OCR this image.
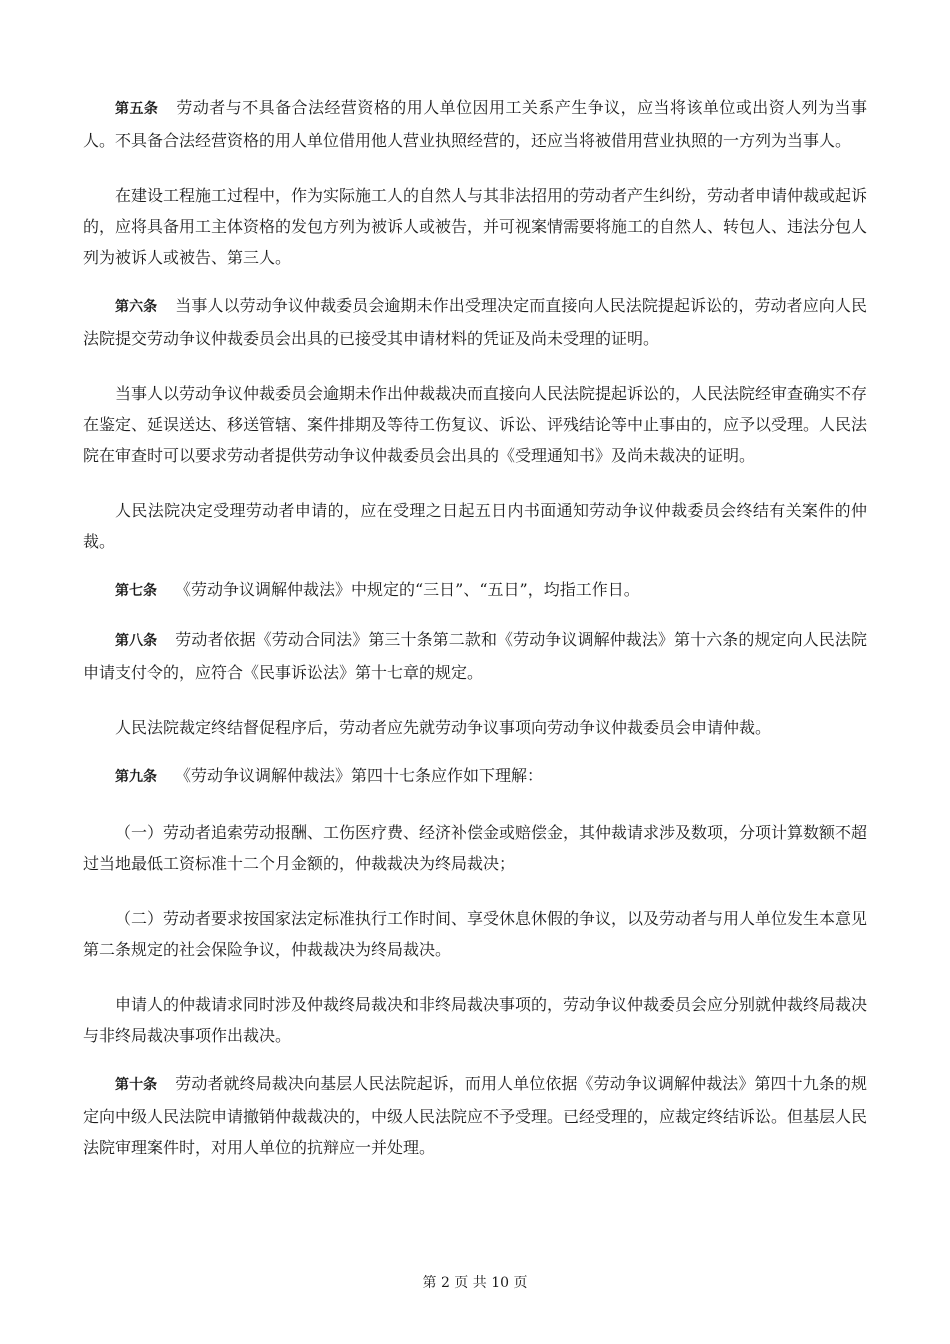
第五条 劳动者与不具备合法经营资格的用人单位因用工关系产生争议，应当将该单位或出资人列为当事人。不具备合法经营资格的用人单位借用他人营业执照经营的，还应当将被借用营业执照的一方列为当事人。

在建设工程施工过程中，作为实际施工人的自然人与其非法招用的劳动者产生纠纷，劳动者申请仲裁或起诉的，应将具备用工主体资格的发包方列为被诉人或被告，并可视案情需要将施工的自然人、转包人、违法分包人列为被诉人或被告、第三人。

第六条 当事人以劳动争议仲裁委员会逾期未作出受理决定而直接向人民法院提起诉讼的，劳动者应向人民法院提交劳动争议仲裁委员会出具的已接受其申请材料的凭证及尚未受理的证明。

当事人以劳动争议仲裁委员会逾期未作出仲裁裁决而直接向人民法院提起诉讼的，人民法院经审查确实不存在鉴定、延误送达、移送管辖、案件排期及等待工伤复议、诉讼、评残结论等中止事由的，应予以受理。人民法院在审查时可以要求劳动者提供劳动争议仲裁委员会出具的《受理通知书》及尚未裁决的证明。

人民法院决定受理劳动者申请的，应在受理之日起五日内书面通知劳动争议仲裁委员会终结有关案件的仲裁。

第七条 《劳动争议调解仲裁法》中规定的“三日”、“五日”，均指工作日。

第八条 劳动者依据《劳动合同法》第三十条第二款和《劳动争议调解仲裁法》第十六条的规定向人民法院申请支付令的，应符合《民事诉讼法》第十七章的规定。

人民法院裁定终结督促程序后，劳动者应先就劳动争议事项向劳动争议仲裁委员会申请仲裁。

第九条 《劳动争议调解仲裁法》第四十七条应作如下理解：

（一）劳动者追索劳动报酬、工伤医疗费、经济补偿金或赔偿金，其仲裁请求涉及数项，分项计算数额不超过当地最低工资标准十二个月金额的，仲裁裁决为终局裁决；

（二）劳动者要求按国家法定标准执行工作时间、享受休息休假的争议，以及劳动者与用人单位发生本意见第二条规定的社会保险争议，仲裁裁决为终局裁决。

申请人的仲裁请求同时涉及仲裁终局裁决和非终局裁决事项的，劳动争议仲裁委员会应分别就仲裁终局裁决与非终局裁决事项作出裁决。

第十条 劳动者就终局裁决向基层人民法院起诉，而用人单位依据《劳动争议调解仲裁法》第四十九条的规定向中级人民法院申请撤销仲裁裁决的，中级人民法院应不予受理。已经受理的，应裁定终结诉讼。但基层人民法院审理案件时，对用人单位的抗辩应一并处理。

第 2 页 共 10 页
